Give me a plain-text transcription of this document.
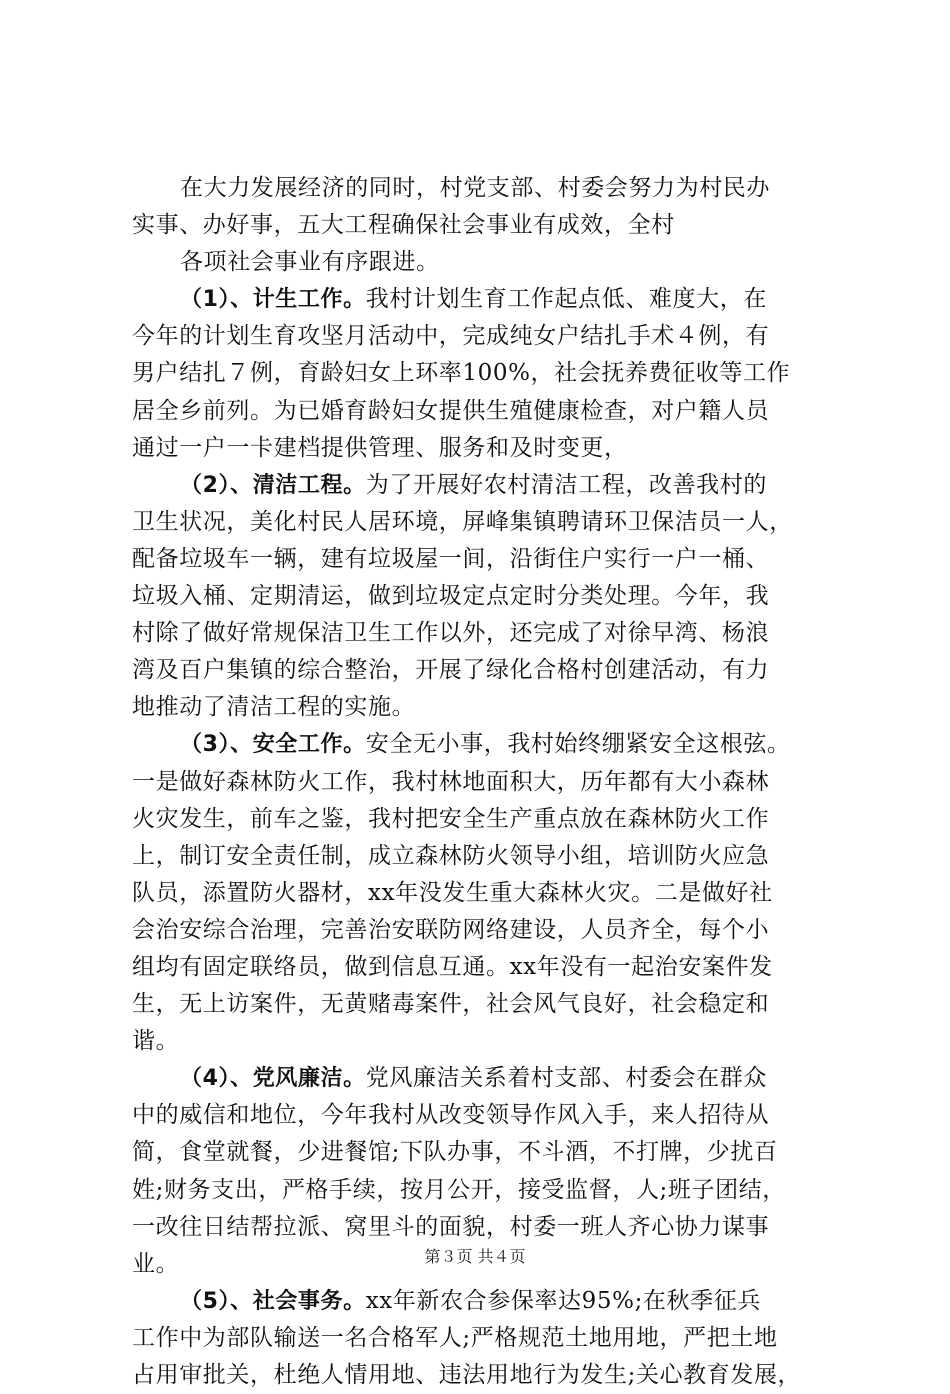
在大力发展经济的同时，村党支部、村委会努力为村民办
实事、办好事，五大工程确保社会事业有成效，全村
各项社会事业有序跟进。
（1）、计生工作。我村计划生育工作起点低、难度大，在
今年的计划生育攻坚月活动中，完成纯女户结扎手术４例，有
男户结扎７例，育龄妇女上环率100%，社会抚养费征收等工作
居全乡前列。为已婚育龄妇女提供生殖健康检查，对户籍人员
通过一户一卡建档提供管理、服务和及时变更，
（2）、清洁工程。为了开展好农村清洁工程，改善我村的
卫生状况，美化村民人居环境，屏峰集镇聘请环卫保洁员一人，
配备垃圾车一辆，建有垃圾屋一间，沿街住户实行一户一桶、
垃圾入桶、定期清运，做到垃圾定点定时分类处理。今年，我
村除了做好常规保洁卫生工作以外，还完成了对徐早湾、杨浪
湾及百户集镇的综合整治，开展了绿化合格村创建活动，有力
地推动了清洁工程的实施。
（3）、安全工作。安全无小事，我村始终绷紧安全这根弦。
一是做好森林防火工作，我村林地面积大，历年都有大小森林
火灾发生，前车之鉴，我村把安全生产重点放在森林防火工作
上，制订安全责任制，成立森林防火领导小组，培训防火应急
队员，添置防火器材，xx年没发生重大森林火灾。二是做好社
会治安综合治理，完善治安联防网络建设，人员齐全，每个小
组均有固定联络员，做到信息互通。xx年没有一起治安案件发
生，无上访案件，无黄赌毒案件，社会风气良好，社会稳定和
谐。
（4）、党风廉洁。党风廉洁关系着村支部、村委会在群众
中的威信和地位，今年我村从改变领导作风入手，来人招待从
简，食堂就餐，少进餐馆;下队办事，不斗酒，不打牌，少扰百
姓;财务支出，严格手续，按月公开，接受监督，人;班子团结，
一改往日结帮拉派、窝里斗的面貌，村委一班人齐心协力谋事
业。
（5）、社会事务。xx年新农合参保率达95%;在秋季征兵
工作中为部队输送一名合格军人;严格规范土地用地，严把土地
占用审批关，杜绝人情用地、违法用地行为发生;关心教育发展，
第３页 共４页
